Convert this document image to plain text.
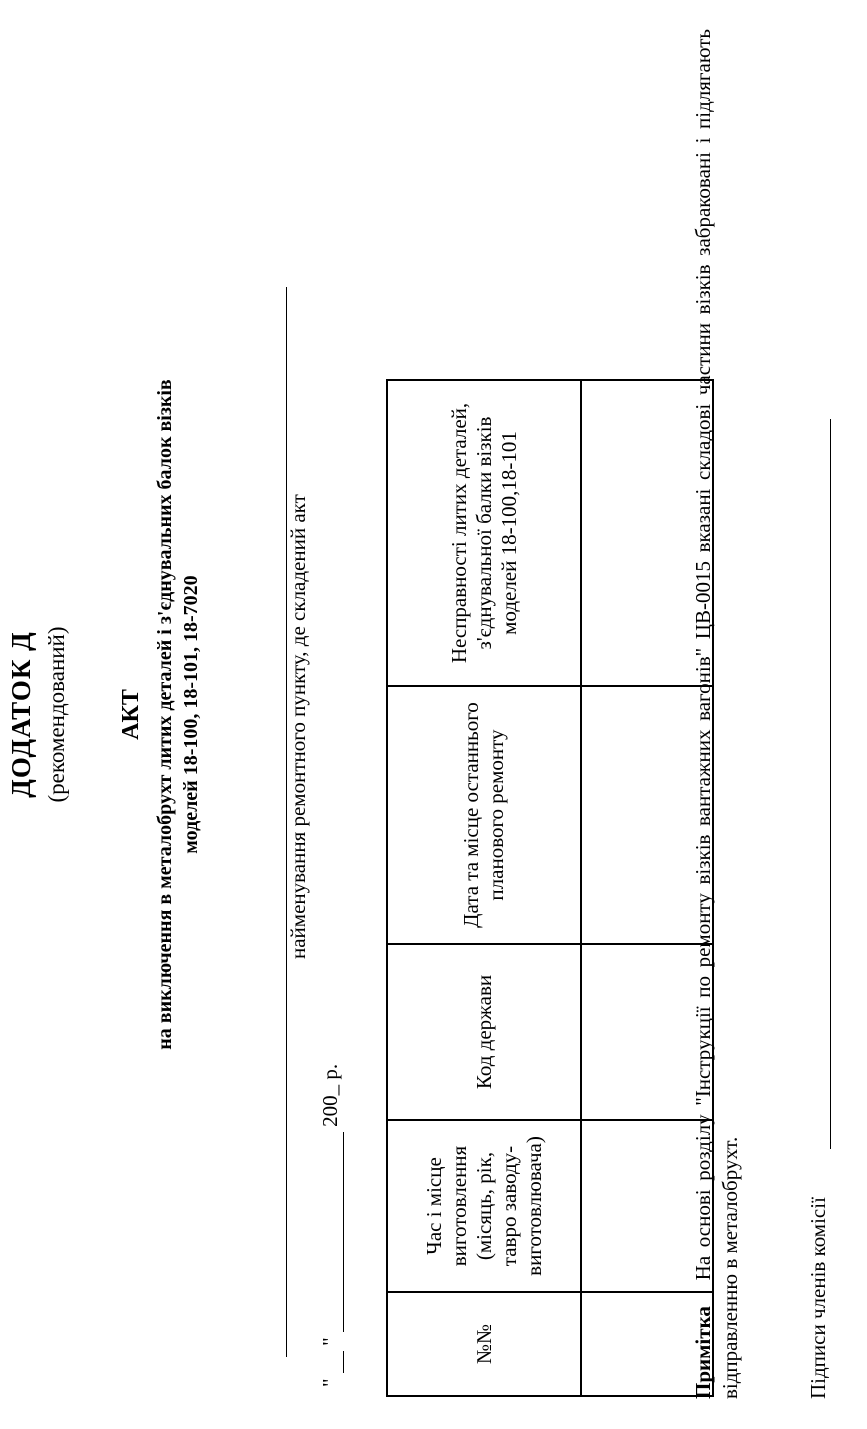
ДОДАТОК Д (рекомендований) АКТ на виключення в металобрухт литих деталей і з'єднувальних балок візків моделей 18-100, 18-101, 18-7020	найменування ремонтного пункту, де складений акт
"   "   200_ р.
№№	Час і місце виготовлення (місяць, рік, тавро заводу-виготовлювача)	Код держави	Дата та місце останнього планового ремонту	Несправності литих деталей, з'єднувальної балки візків моделей 18-100,18-101

Примітка   На основі розділу "Інструкції по ремонту візків вантажних вагонів" ЦВ-0015 вказані складові частини візків забраковані і підлягають відправленню в металобрухт.	Підписи членів комісії
